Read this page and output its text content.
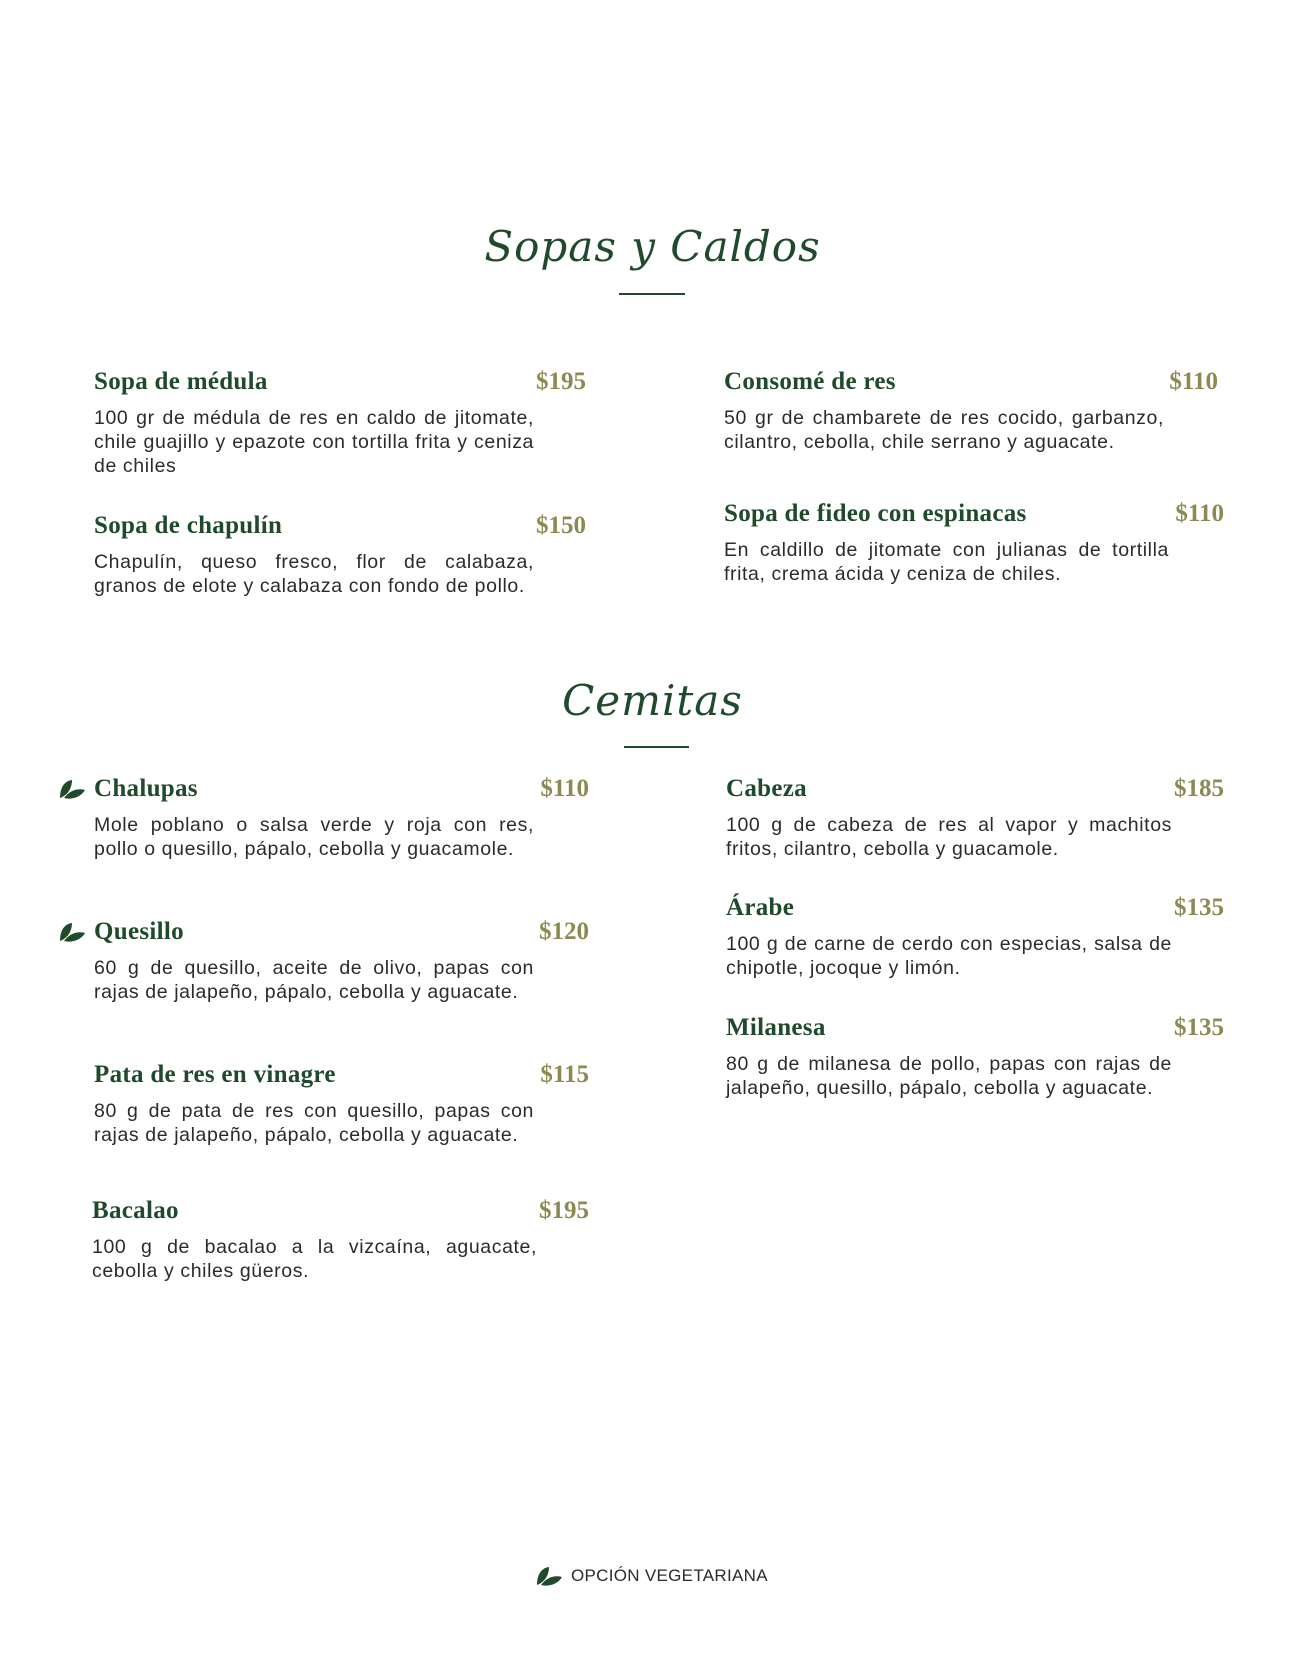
Sopas y Caldos
Sopa de médula	$195
100 gr de médula de res en caldo de jitomate, chile guajillo y epazote con tortilla frita y ceniza de chiles
Consomé de res	$110
50 gr de chambarete de res cocido, garbanzo, cilantro, cebolla, chile serrano y aguacate.
Sopa de chapulín	$150
Chapulín, queso fresco, flor de calabaza, granos de elote y calabaza con fondo de pollo.
Sopa de fideo con espinacas	$110
En caldillo de jitomate con julianas de tortilla frita, crema ácida y ceniza de chiles.
Cemitas
Chalupas	$110
Mole poblano o salsa verde y roja con res, pollo o quesillo, pápalo, cebolla y guacamole.
Cabeza	$185
100 g de cabeza de res al vapor y machitos fritos, cilantro, cebolla y guacamole.
Quesillo	$120
60 g de quesillo, aceite de olivo, papas con rajas de jalapeño, pápalo, cebolla y aguacate.
Árabe	$135
100 g de carne de cerdo con especias, salsa de chipotle, jocoque y limón.
Pata de res en vinagre	$115
80 g de pata de res con quesillo, papas con rajas de jalapeño, pápalo, cebolla y aguacate.
Milanesa	$135
80 g de milanesa de pollo, papas con rajas de jalapeño, quesillo, pápalo, cebolla y aguacate.
Bacalao	$195
100 g de bacalao a la vizcaína, aguacate, cebolla y chiles güeros.
OPCIÓN VEGETARIANA
